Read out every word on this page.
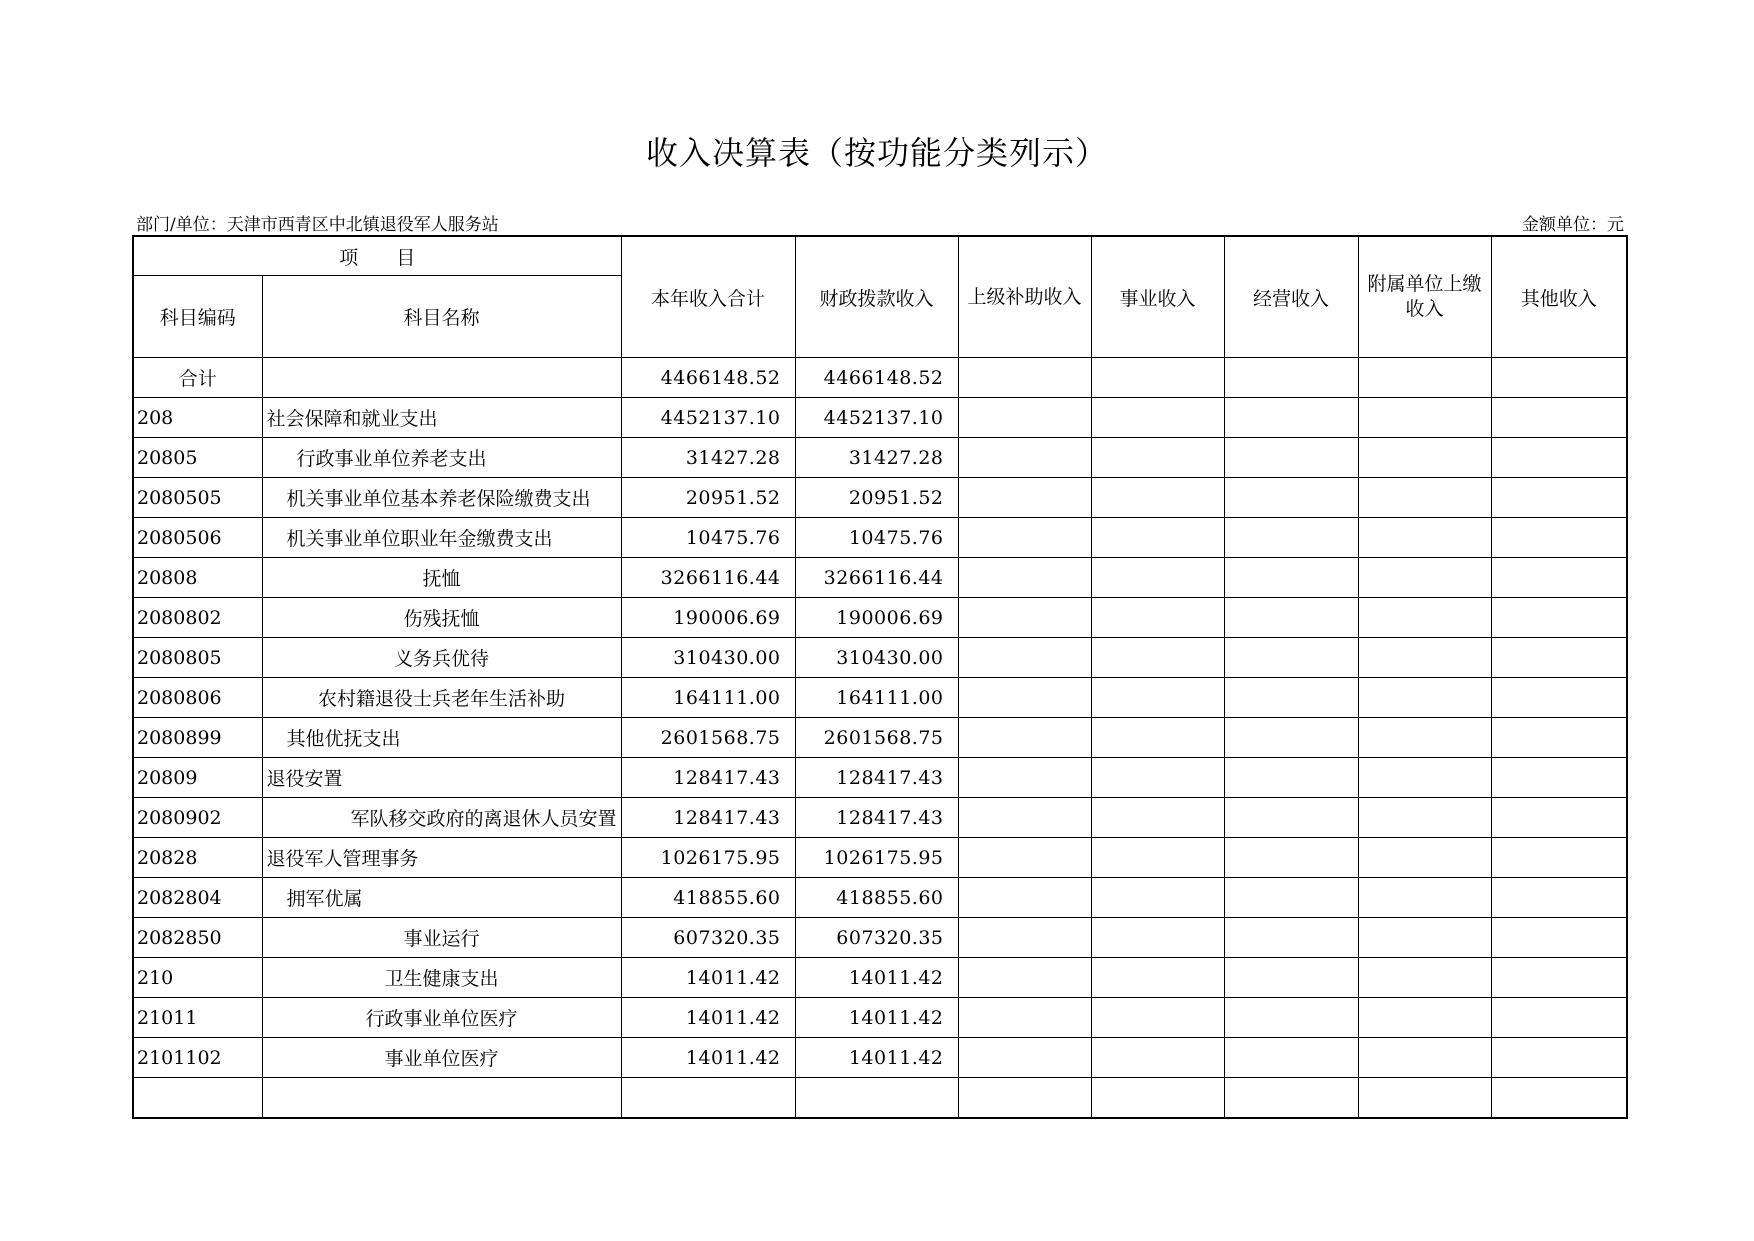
收入决算表（按功能分类列示）
部门/单位：天津市西青区中北镇退役军人服务站	金额单位：元
项　　目		本年收入合计	财政拨款收入	上级补助收入	事业收入	经营收入	附属单位上缴收入	其他收入
科目编码	科目名称							
合计		4466148.52	4466148.52					
208	社会保障和就业支出	4452137.10	4452137.10					
20805	行政事业单位养老支出	31427.28	31427.28					
2080505	机关事业单位基本养老保险缴费支出	20951.52	20951.52					
2080506	机关事业单位职业年金缴费支出	10475.76	10475.76					
20808	抚恤	3266116.44	3266116.44					
2080802	伤残抚恤	190006.69	190006.69					
2080805	义务兵优待	310430.00	310430.00					
2080806	农村籍退役士兵老年生活补助	164111.00	164111.00					
2080899	其他优抚支出	2601568.75	2601568.75					
20809	退役安置	128417.43	128417.43					
2080902	军队移交政府的离退休人员安置	128417.43	128417.43					
20828	退役军人管理事务	1026175.95	1026175.95					
2082804	拥军优属	418855.60	418855.60					
2082850	事业运行	607320.35	607320.35					
210	卫生健康支出	14011.42	14011.42					
21011	行政事业单位医疗	14011.42	14011.42					
2101102	事业单位医疗	14011.42	14011.42					
